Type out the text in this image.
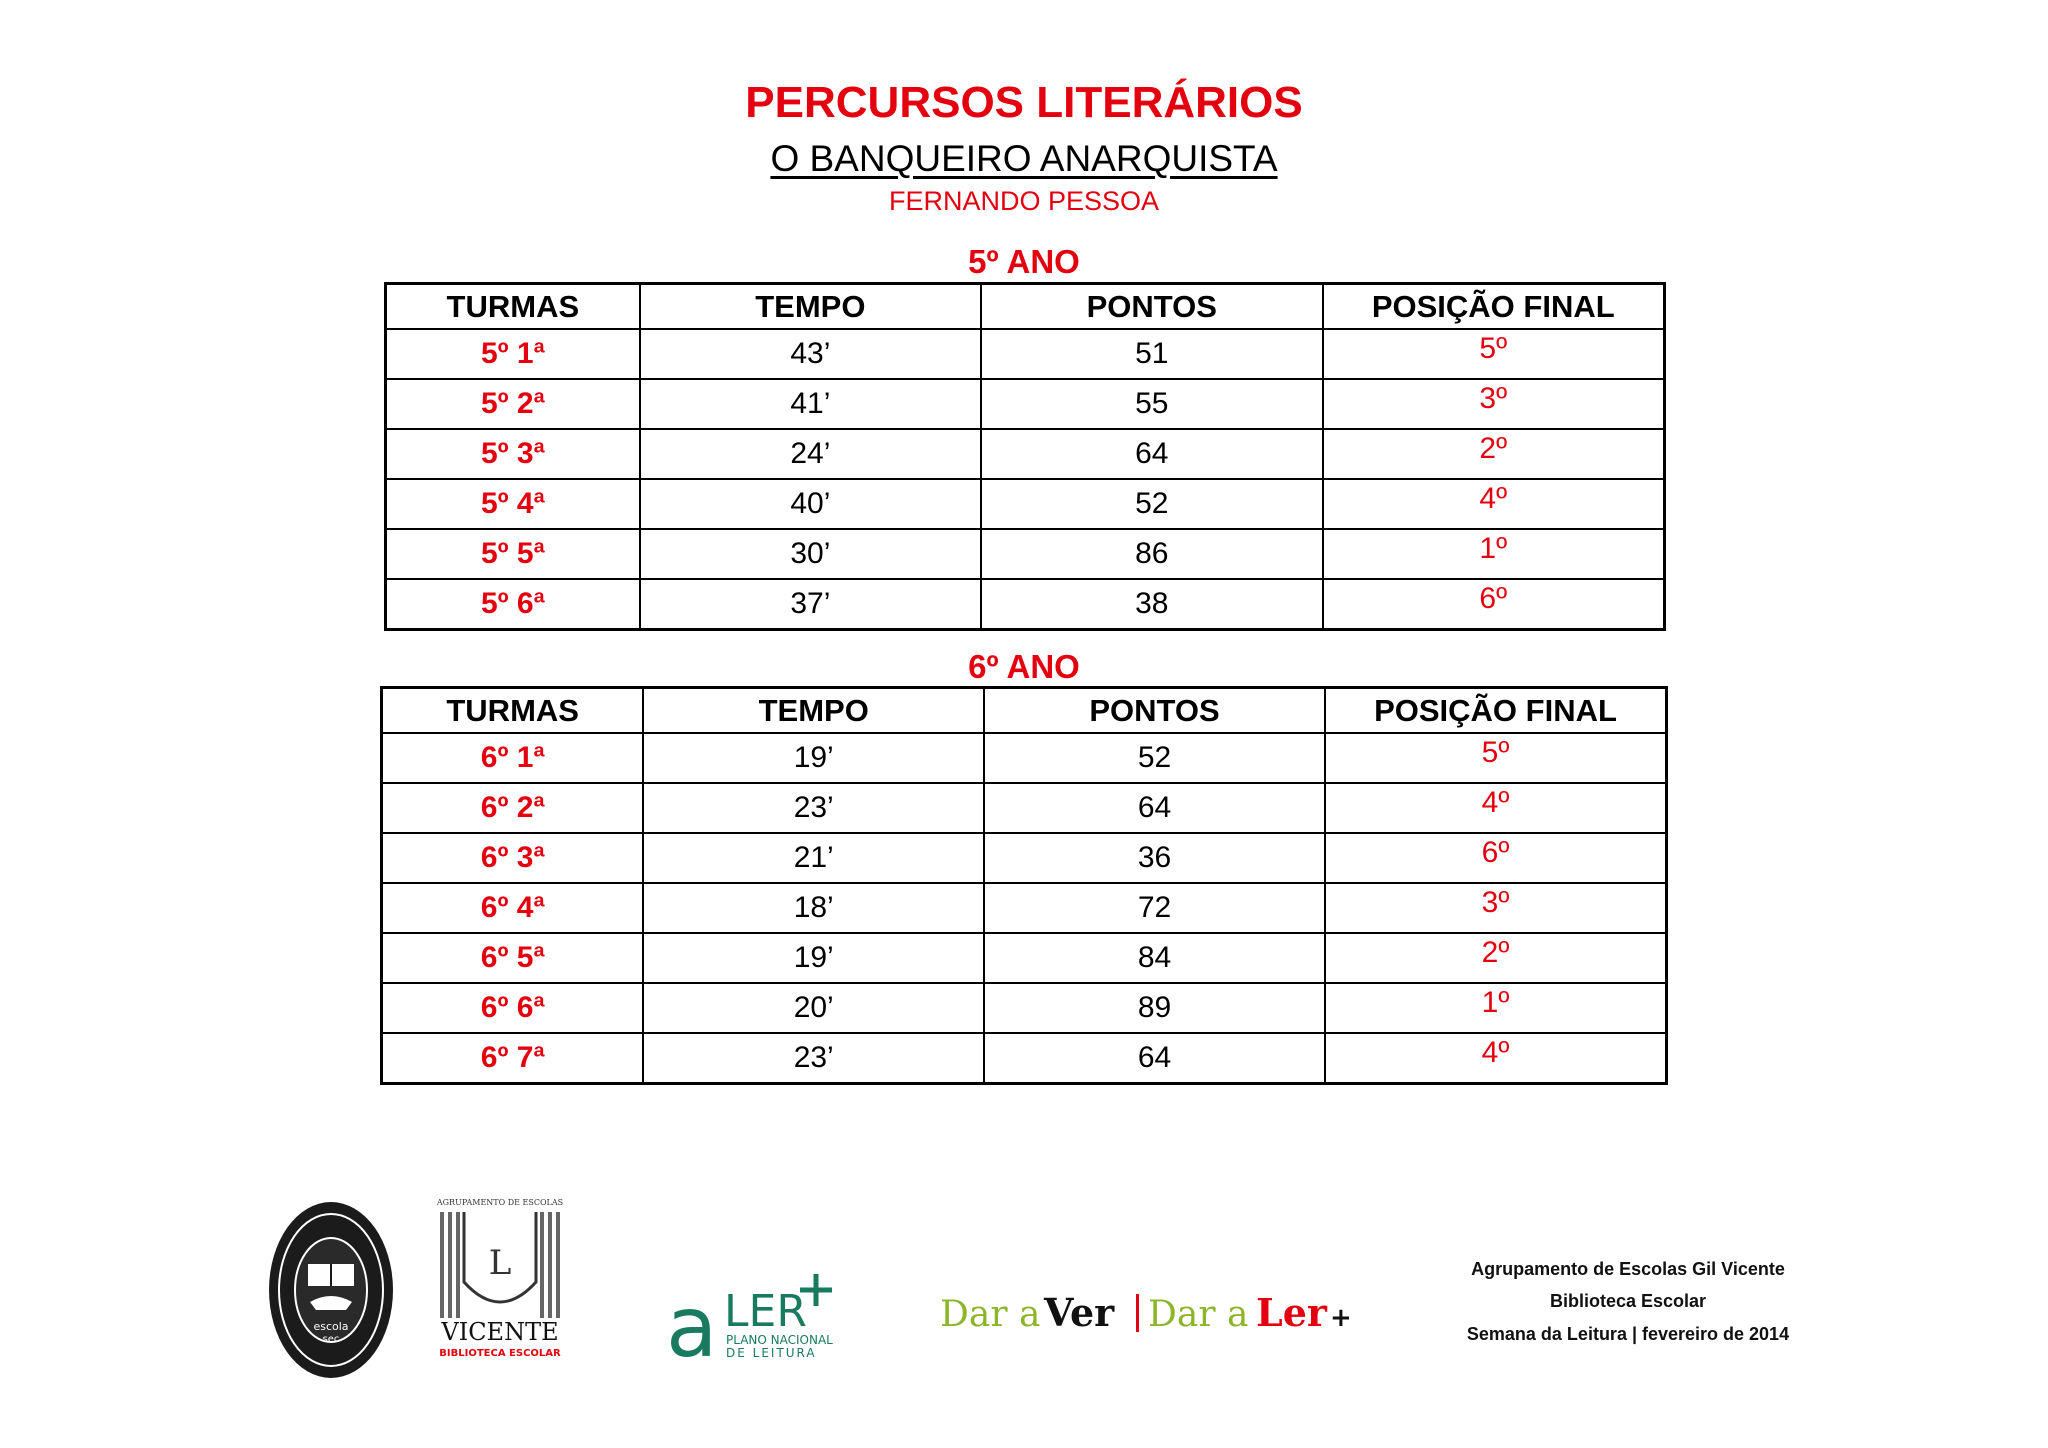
PERCURSOS LITERÁRIOS
O BANQUEIRO ANARQUISTA
FERNANDO PESSOA
5º ANO
TURMAS	TEMPO	PONTOS	POSIÇÃO FINAL
5º 1ª	43’	51	5º
5º 2ª	41’	55	3º
5º 3ª	24’	64	2º
5º 4ª	40’	52	4º
5º 5ª	30’	86	1º
5º 6ª	37’	38	6º
6º ANO
TURMAS	TEMPO	PONTOS	POSIÇÃO FINAL
6º 1ª	19’	52	5º
6º 2ª	23’	64	4º
6º 3ª	21’	36	6º
6º 4ª	18’	72	3º
6º 5ª	19’	84	2º
6º 6ª	20’	89	1º
6º 7ª	23’	64	4º
escola
sec
AGRUPAMENTO DE ESCOLAS
L
VICENTE
BIBLIOTECA ESCOLAR a LER
PLANO NACIONAL
DE LEITURA
Dar a Ver Dar a Ler +
Agrupamento de Escolas Gil Vicente
Biblioteca Escolar
Semana da Leitura | fevereiro de 2014
